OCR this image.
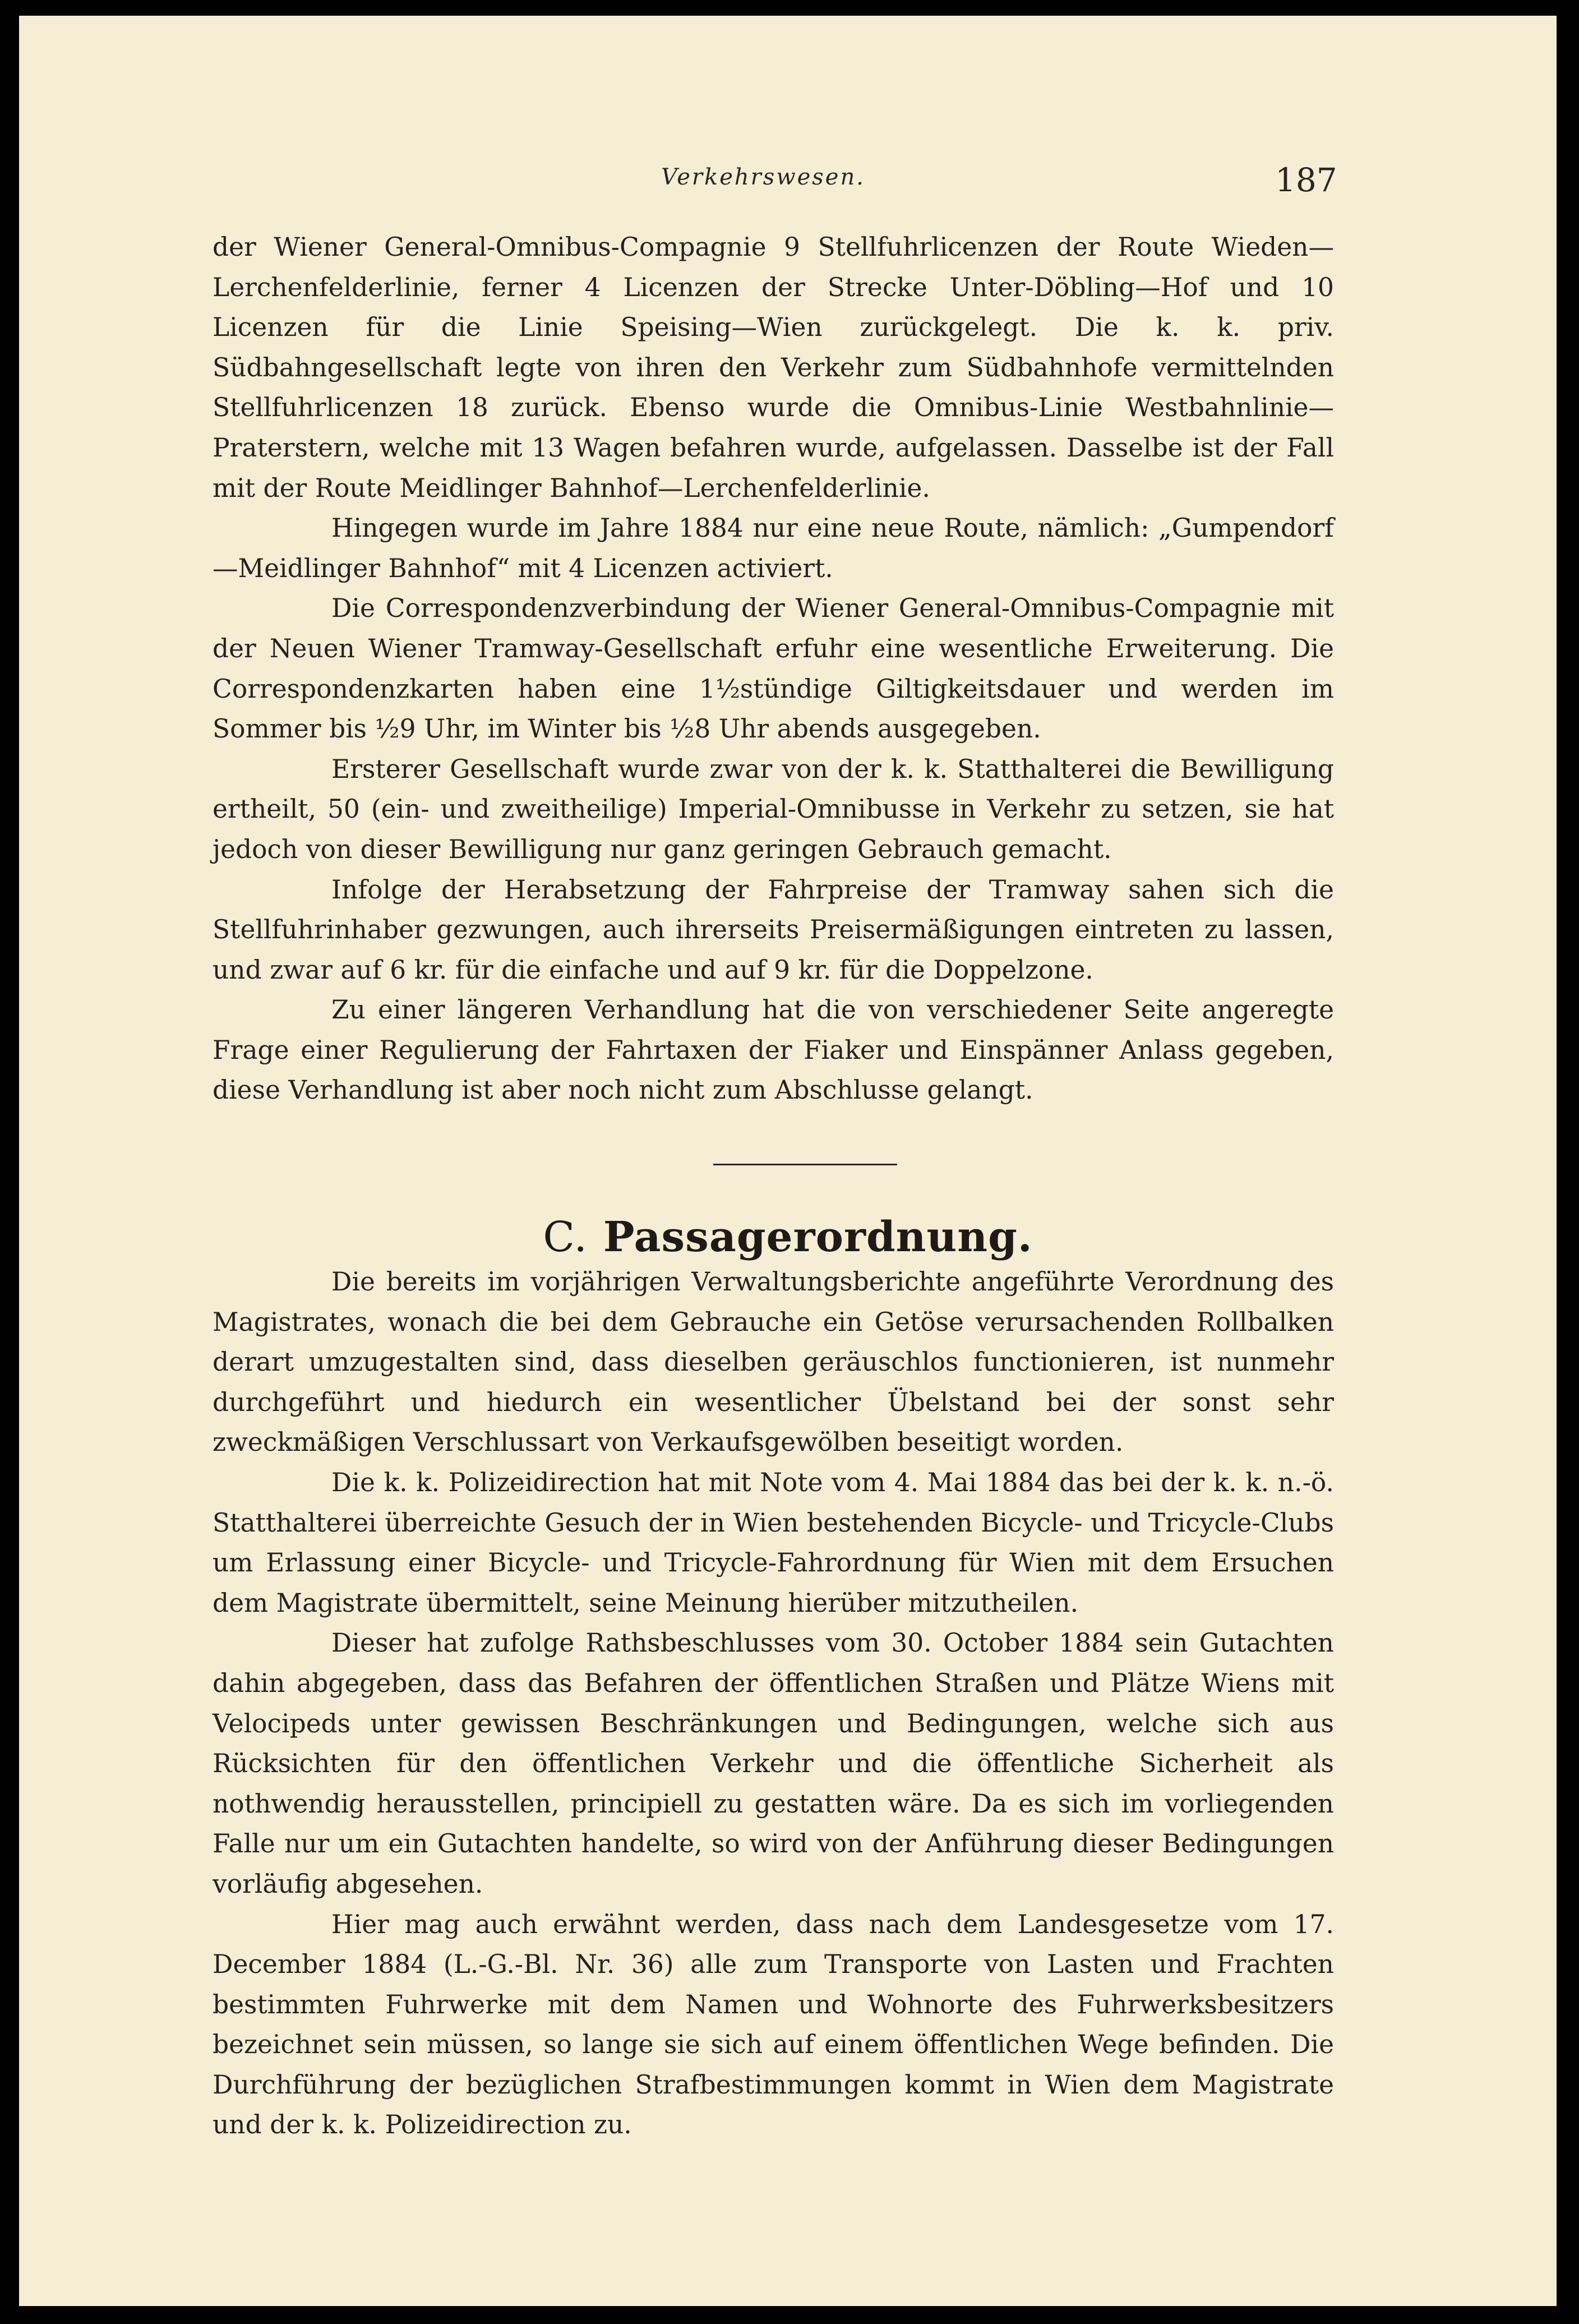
Verkehrswesen.	187

der Wiener General-Omnibus-Compagnie 9 Stellfuhrlicenzen der Route Wieden—Lerchenfelderlinie, ferner 4 Licenzen der Strecke Unter-Döbling—Hof und 10 Licenzen für die Linie Speising—Wien zurückgelegt. Die k. k. priv. Südbahngesellschaft legte von ihren den Verkehr zum Südbahnhofe vermittelnden Stellfuhrlicenzen 18 zurück. Ebenso wurde die Omnibus-Linie Westbahnlinie—Praterstern, welche mit 13 Wagen befahren wurde, aufgelassen. Dasselbe ist der Fall mit der Route Meidlinger Bahnhof—Lerchenfelderlinie.

Hingegen wurde im Jahre 1884 nur eine neue Route, nämlich: „Gumpendorf—Meidlinger Bahnhof“ mit 4 Licenzen activiert.

Die Correspondenzverbindung der Wiener General-Omnibus-Compagnie mit der Neuen Wiener Tramway-Gesellschaft erfuhr eine wesentliche Erweiterung. Die Correspondenzkarten haben eine 1½stündige Giltigkeitsdauer und werden im Sommer bis ½9 Uhr, im Winter bis ½8 Uhr abends ausgegeben.

Ersterer Gesellschaft wurde zwar von der k. k. Statthalterei die Bewilligung ertheilt, 50 (ein- und zweitheilige) Imperial-Omnibusse in Verkehr zu setzen, sie hat jedoch von dieser Bewilligung nur ganz geringen Gebrauch gemacht.

Infolge der Herabsetzung der Fahrpreise der Tramway sahen sich die Stellfuhrinhaber gezwungen, auch ihrerseits Preisermäßigungen eintreten zu lassen, und zwar auf 6 kr. für die einfache und auf 9 kr. für die Doppelzone.

Zu einer längeren Verhandlung hat die von verschiedener Seite angeregte Frage einer Regulierung der Fahrtaxen der Fiaker und Einspänner Anlass gegeben, diese Verhandlung ist aber noch nicht zum Abschlusse gelangt.

C. Passagerordnung.

Die bereits im vorjährigen Verwaltungsberichte angeführte Verordnung des Magistrates, wonach die bei dem Gebrauche ein Getöse verursachenden Rollbalken derart umzugestalten sind, dass dieselben geräuschlos functionieren, ist nunmehr durchgeführt und hiedurch ein wesentlicher Übelstand bei der sonst sehr zweckmäßigen Verschlussart von Verkaufsgewölben beseitigt worden.

Die k. k. Polizeidirection hat mit Note vom 4. Mai 1884 das bei der k. k. n.-ö. Statthalterei überreichte Gesuch der in Wien bestehenden Bicycle- und Tricycle-Clubs um Erlassung einer Bicycle- und Tricycle-Fahrordnung für Wien mit dem Ersuchen dem Magistrate übermittelt, seine Meinung hierüber mitzutheilen.

Dieser hat zufolge Rathsbeschlusses vom 30. October 1884 sein Gutachten dahin abgegeben, dass das Befahren der öffentlichen Straßen und Plätze Wiens mit Velocipeds unter gewissen Beschränkungen und Bedingungen, welche sich aus Rücksichten für den öffentlichen Verkehr und die öffentliche Sicherheit als nothwendig herausstellen, principiell zu gestatten wäre. Da es sich im vorliegenden Falle nur um ein Gutachten handelte, so wird von der Anführung dieser Bedingungen vorläufig abgesehen.

Hier mag auch erwähnt werden, dass nach dem Landesgesetze vom 17. December 1884 (L.-G.-Bl. Nr. 36) alle zum Transporte von Lasten und Frachten bestimmten Fuhrwerke mit dem Namen und Wohnorte des Fuhrwerksbesitzers bezeichnet sein müssen, so lange sie sich auf einem öffentlichen Wege befinden. Die Durchführung der bezüglichen Strafbestimmungen kommt in Wien dem Magistrate und der k. k. Polizeidirection zu.
